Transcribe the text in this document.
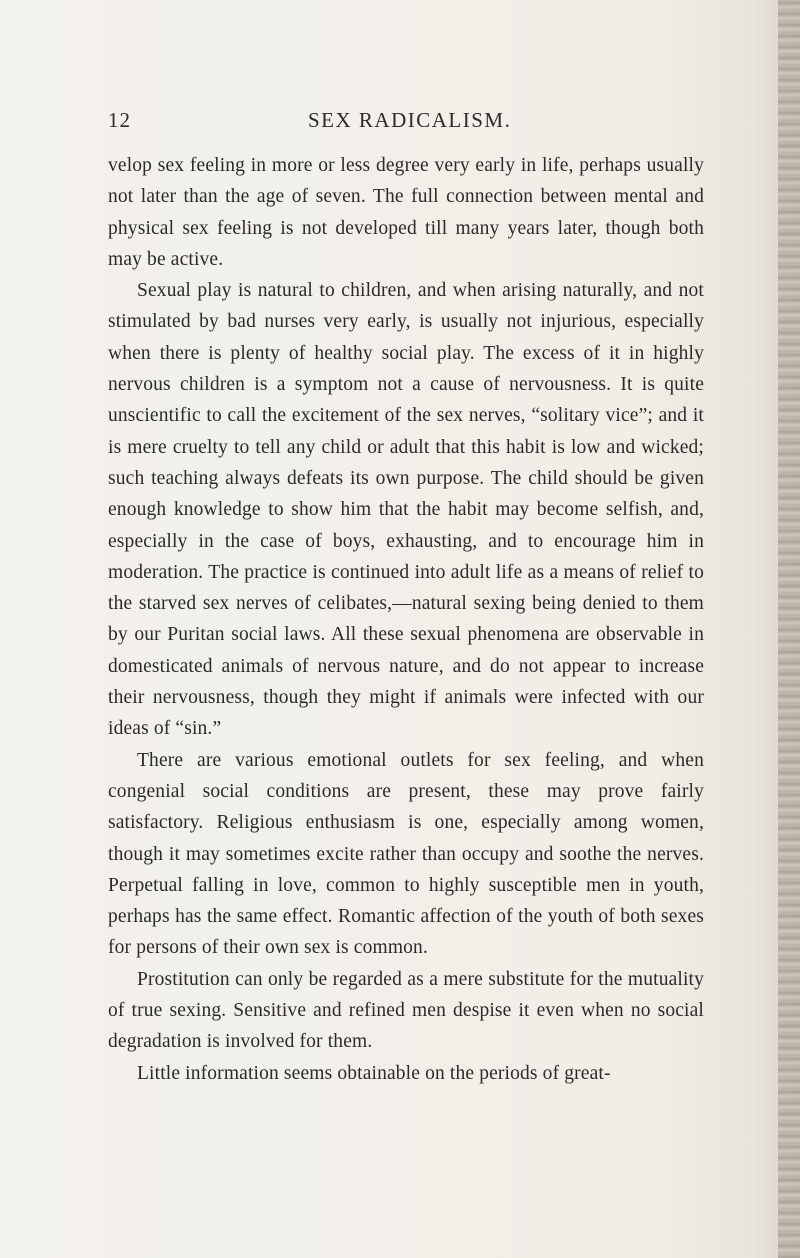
12	SEX RADICALISM.

velop sex feeling in more or less degree very early in life, perhaps usually not later than the age of seven. The full connection between mental and physical sex feeling is not developed till many years later, though both may be active.

Sexual play is natural to children, and when arising naturally, and not stimulated by bad nurses very early, is usually not injurious, especially when there is plenty of healthy social play. The excess of it in highly nervous children is a symptom not a cause of nervousness. It is quite unscientific to call the excitement of the sex nerves, “solitary vice”; and it is mere cruelty to tell any child or adult that this habit is low and wicked; such teaching always defeats its own purpose. The child should be given enough knowledge to show him that the habit may become selfish, and, especially in the case of boys, exhausting, and to encourage him in moderation. The practice is continued into adult life as a means of relief to the starved sex nerves of celibates,—natural sexing being denied to them by our Puritan social laws. All these sexual phenomena are observable in domesticated animals of nervous nature, and do not appear to increase their nervousness, though they might if animals were infected with our ideas of “sin.”

There are various emotional outlets for sex feeling, and when congenial social conditions are present, these may prove fairly satisfactory. Religious enthusiasm is one, especially among women, though it may sometimes excite rather than occupy and soothe the nerves. Perpetual falling in love, common to highly susceptible men in youth, perhaps has the same effect. Romantic affection of the youth of both sexes for persons of their own sex is common.

Prostitution can only be regarded as a mere substitute for the mutuality of true sexing. Sensitive and refined men despise it even when no social degradation is involved for them.

Little information seems obtainable on the periods of great-
